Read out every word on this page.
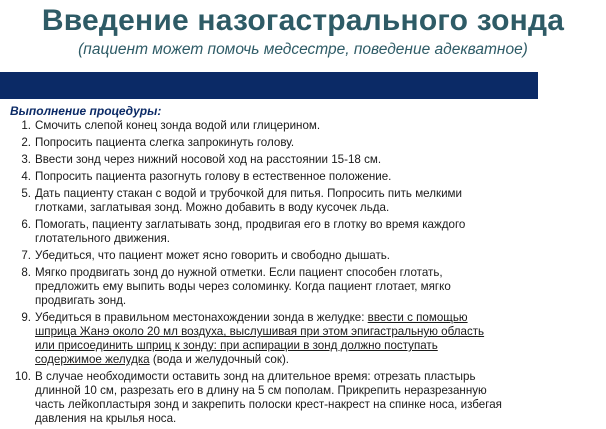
Введение назогастрального зонда
(пациент может помочь медсестре, поведение адекватное)
Выполнение процедуры:
1. Смочить слепой конец зонда водой или глицерином.
2. Попросить пациента слегка запрокинуть голову.
3. Ввести зонд через нижний носовой ход на расстоянии 15-18 см.
4. Попросить пациента разогнуть голову в естественное положение.
5. Дать пациенту стакан с водой и трубочкой для питья. Попросить пить мелкими
глотками, заглатывая зонд. Можно добавить в воду кусочек льда.
6. Помогать, пациенту заглатывать зонд, продвигая его в глотку во время каждого
глотательного движения.
7. Убедиться, что пациент может ясно говорить и свободно дышать.
8. Мягко продвигать зонд до нужной отметки. Если пациент способен глотать,
предложить ему выпить воды через соломинку. Когда пациент глотает, мягко
продвигать зонд.
9. Убедиться в правильном местонахождении зонда в желудке: ввести с помощью
шприца Жанэ около 20 мл воздуха, выслушивая при этом эпигастральную область
или присоединить шприц к зонду: при аспирации в зонд должно поступать
содержимое желудка (вода и желудочный сок).
10. В случае необходимости оставить зонд на длительное время: отрезать пластырь
длинной 10 см, разрезать его в длину на 5 см пополам. Прикрепить неразрезанную
часть лейкопластыря зонд и закрепить полоски крест-накрест на спинке носа, избегая
давления на крылья носа.
